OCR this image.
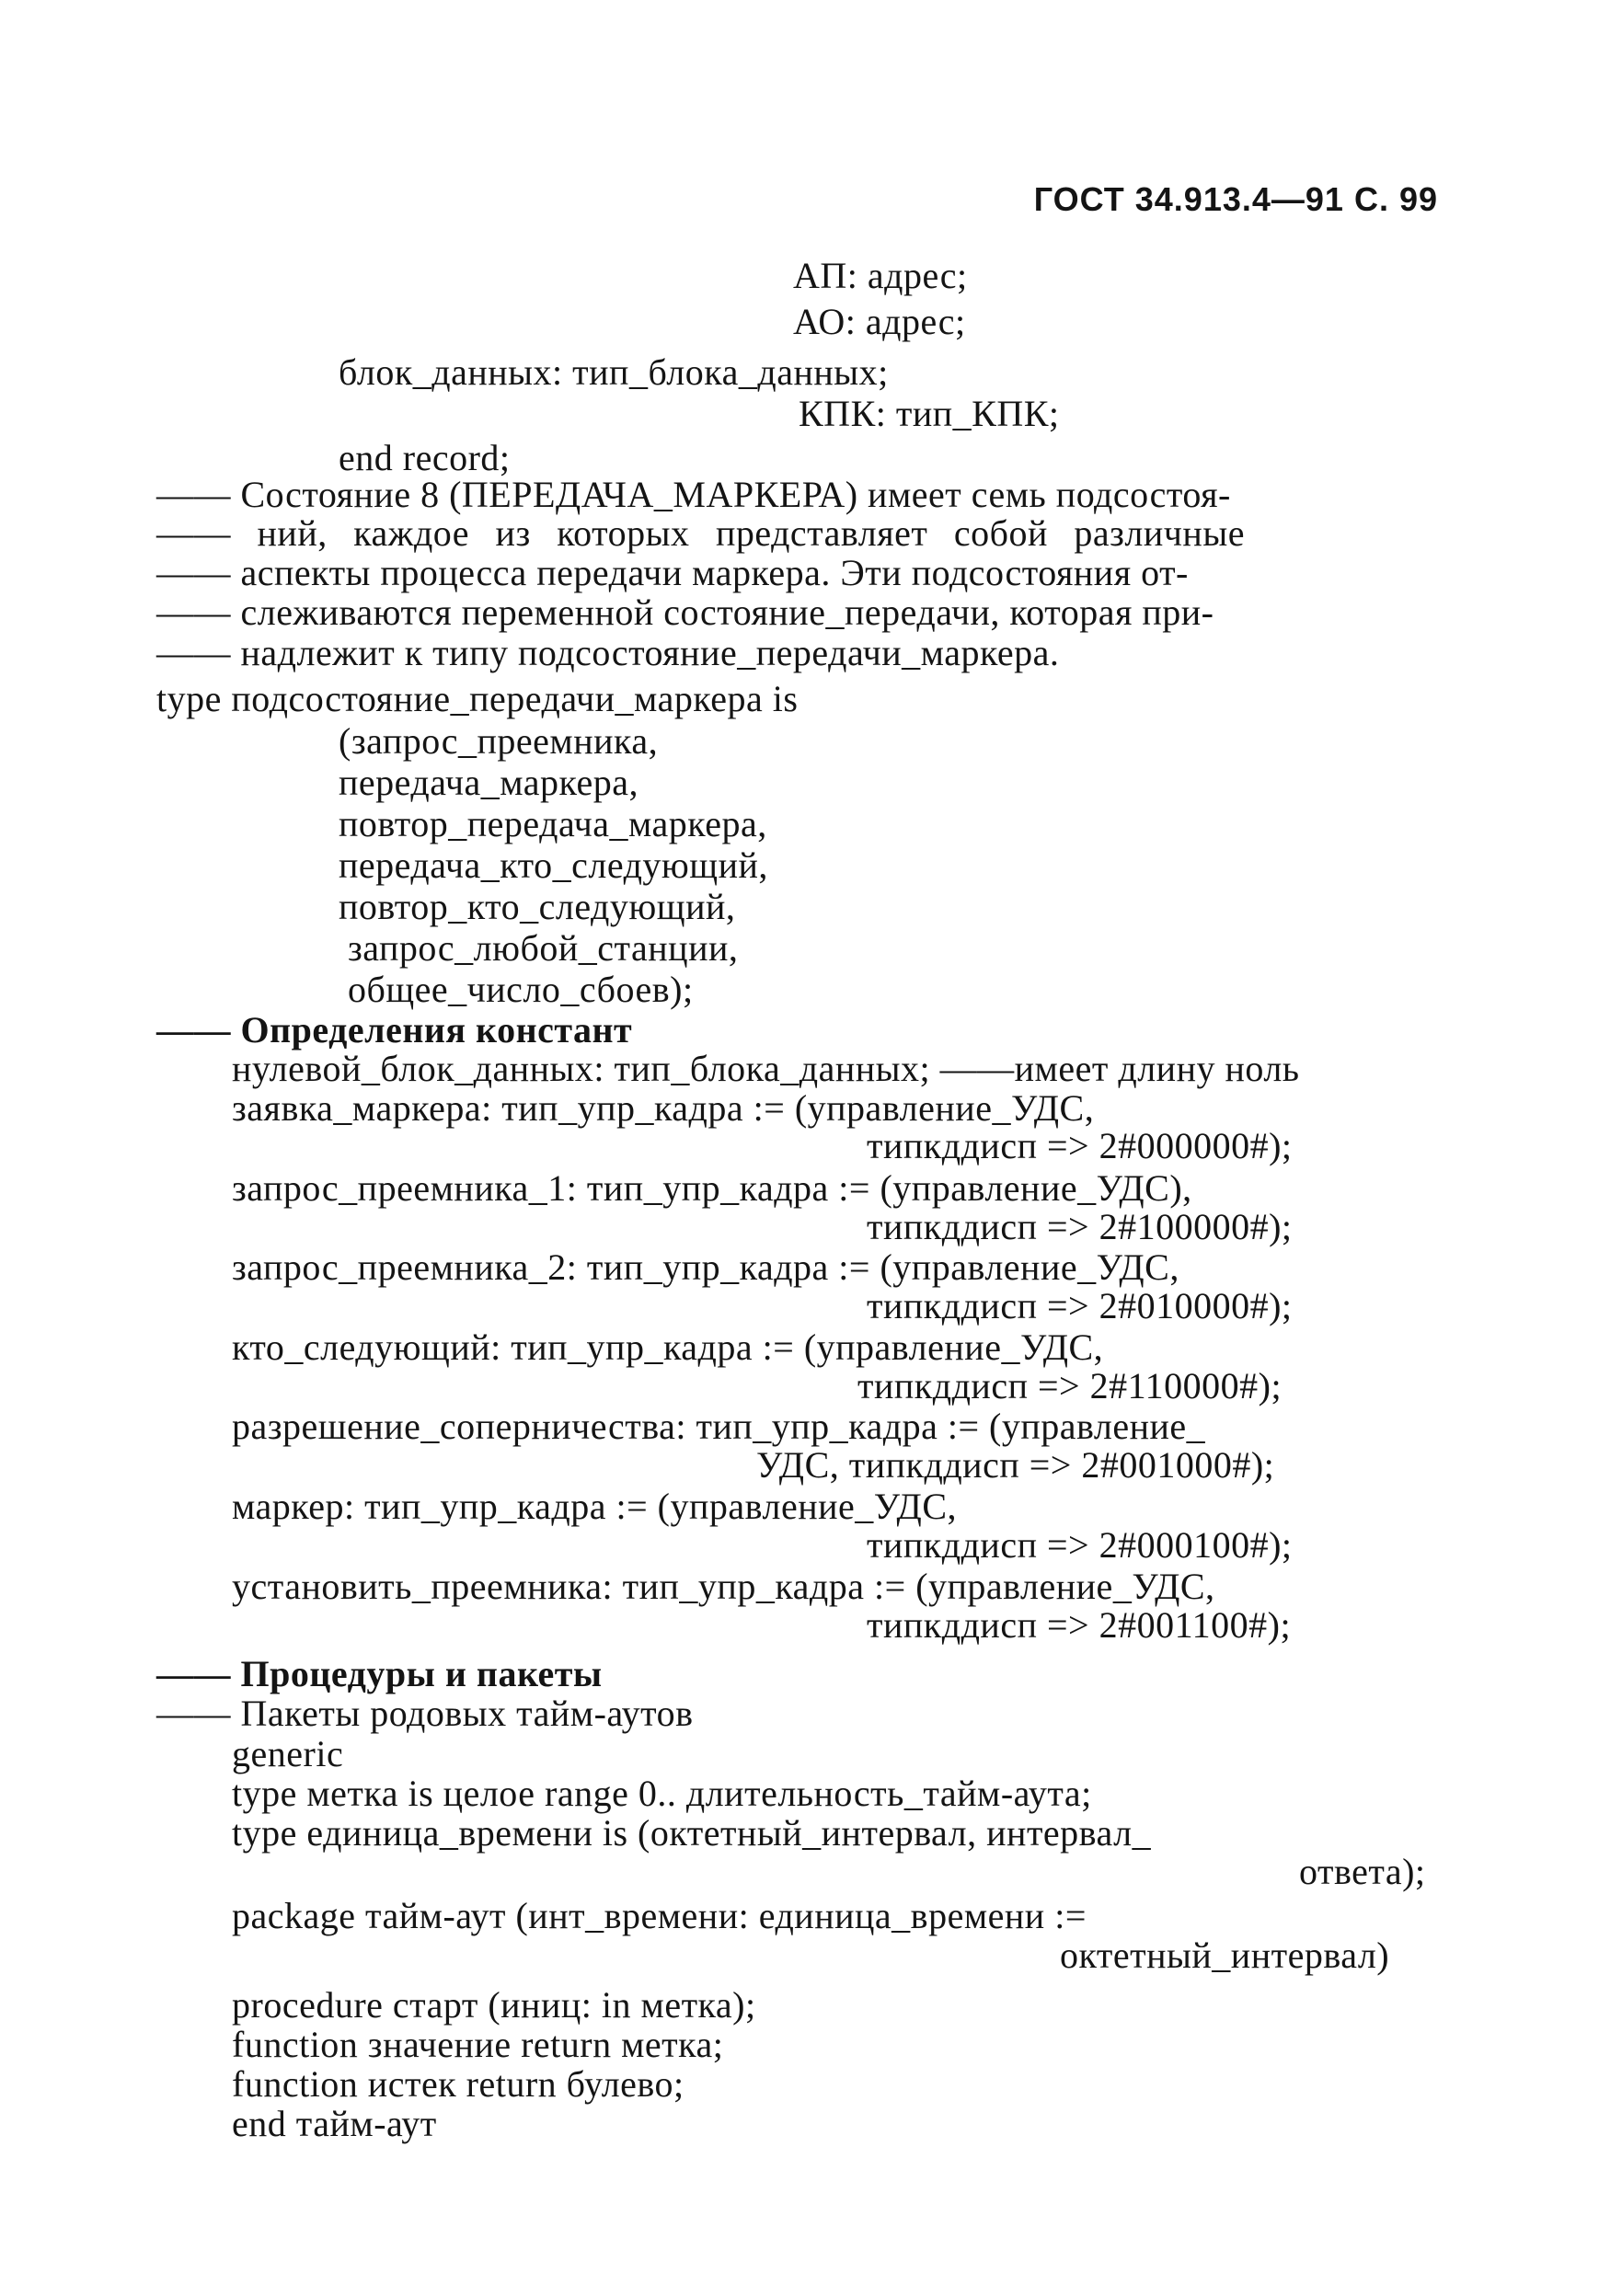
ГОСТ 34.913.4—91 С. 99
АП: адрес;
АО: адрес;
блок_данных: тип_блока_данных;
КПК: тип_КПК;
end record;
—— Состояние 8 (ПЕРЕДАЧА_МАРКЕРА) имеет семь подсостоя-
—— ний, каждое из которых представляет собой различные
—— аспекты процесса передачи маркера. Эти подсостояния от-
—— слеживаются переменной состояние_передачи, которая при-
—— надлежит к типу подсостояние_передачи_маркера.
type подсостояние_передачи_маркера is
(запрос_преемника,
передача_маркера,
повтор_передача_маркера,
передача_кто_следующий,
повтор_кто_следующий,
запрос_любой_станции,
общее_число_сбоев);
—— Определения констант
нулевой_блок_данных: тип_блока_данных; ——имеет длину ноль
заявка_маркера: тип_упр_кадра := (управление_УДС,
типкддисп => 2#000000#);
запрос_преемника_1: тип_упр_кадра := (управление_УДС),
типкддисп => 2#100000#);
запрос_преемника_2: тип_упр_кадра := (управление_УДС,
типкддисп => 2#010000#);
кто_следующий: тип_упр_кадра := (управление_УДС,
типкддисп => 2#110000#);
разрешение_соперничества: тип_упр_кадра := (управление_
УДС, типкддисп => 2#001000#);
маркер: тип_упр_кадра := (управление_УДС,
типкддисп => 2#000100#);
установить_преемника: тип_упр_кадра := (управление_УДС,
типкддисп => 2#001100#);
—— Процедуры и пакеты
—— Пакеты родовых тайм-аутов
generic
type метка is целое range 0.. длительность_тайм-аута;
type единица_времени is (октетный_интервал, интервал_
ответа);
package тайм-аут (инт_времени: единица_времени :=
октетный_интервал)
procedure старт (иниц: in метка);
function значение return метка;
function истек return булево;
end тайм-аут
